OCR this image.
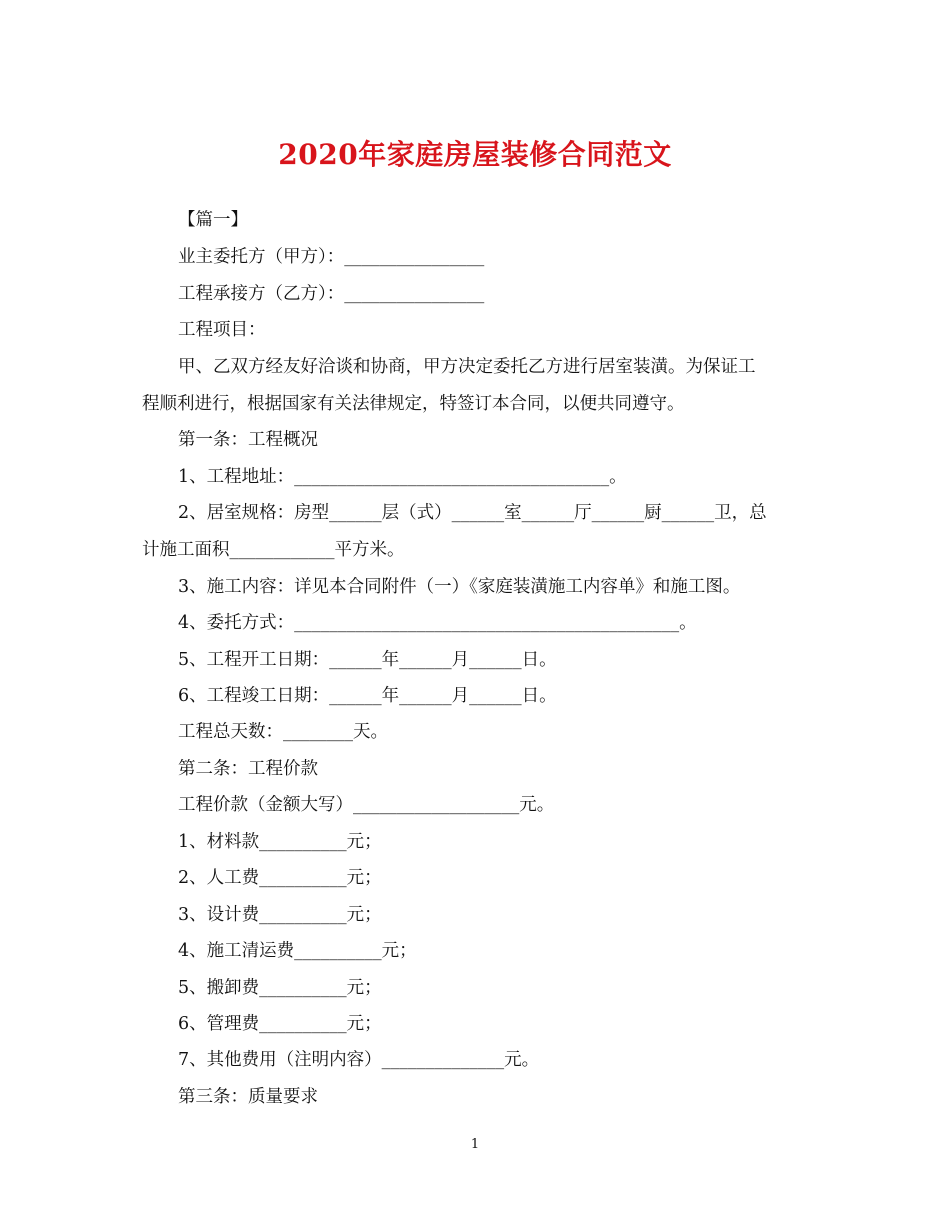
2020年家庭房屋装修合同范文
【篇一】
业主委托方（甲方）：________________
工程承接方（乙方）：________________
工程项目：
甲、乙双方经友好洽谈和协商，甲方决定委托乙方进行居室装潢。为保证工
程顺利进行，根据国家有关法律规定，特签订本合同，以便共同遵守。
第一条：工程概况
1、工程地址：____________________________________。
2、居室规格：房型______层（式）______室______厅______厨______卫，总
计施工面积____________平方米。
3、施工内容：详见本合同附件（一）《家庭装潢施工内容单》和施工图。
4、委托方式：____________________________________________。
5、工程开工日期：______年______月______日。
6、工程竣工日期：______年______月______日。
工程总天数：________天。
第二条：工程价款
工程价款（金额大写）___________________元。
1、材料款__________元；
2、人工费__________元；
3、设计费__________元；
4、施工清运费__________元；
5、搬卸费__________元；
6、管理费__________元；
7、其他费用（注明内容）______________元。
第三条：质量要求
1
